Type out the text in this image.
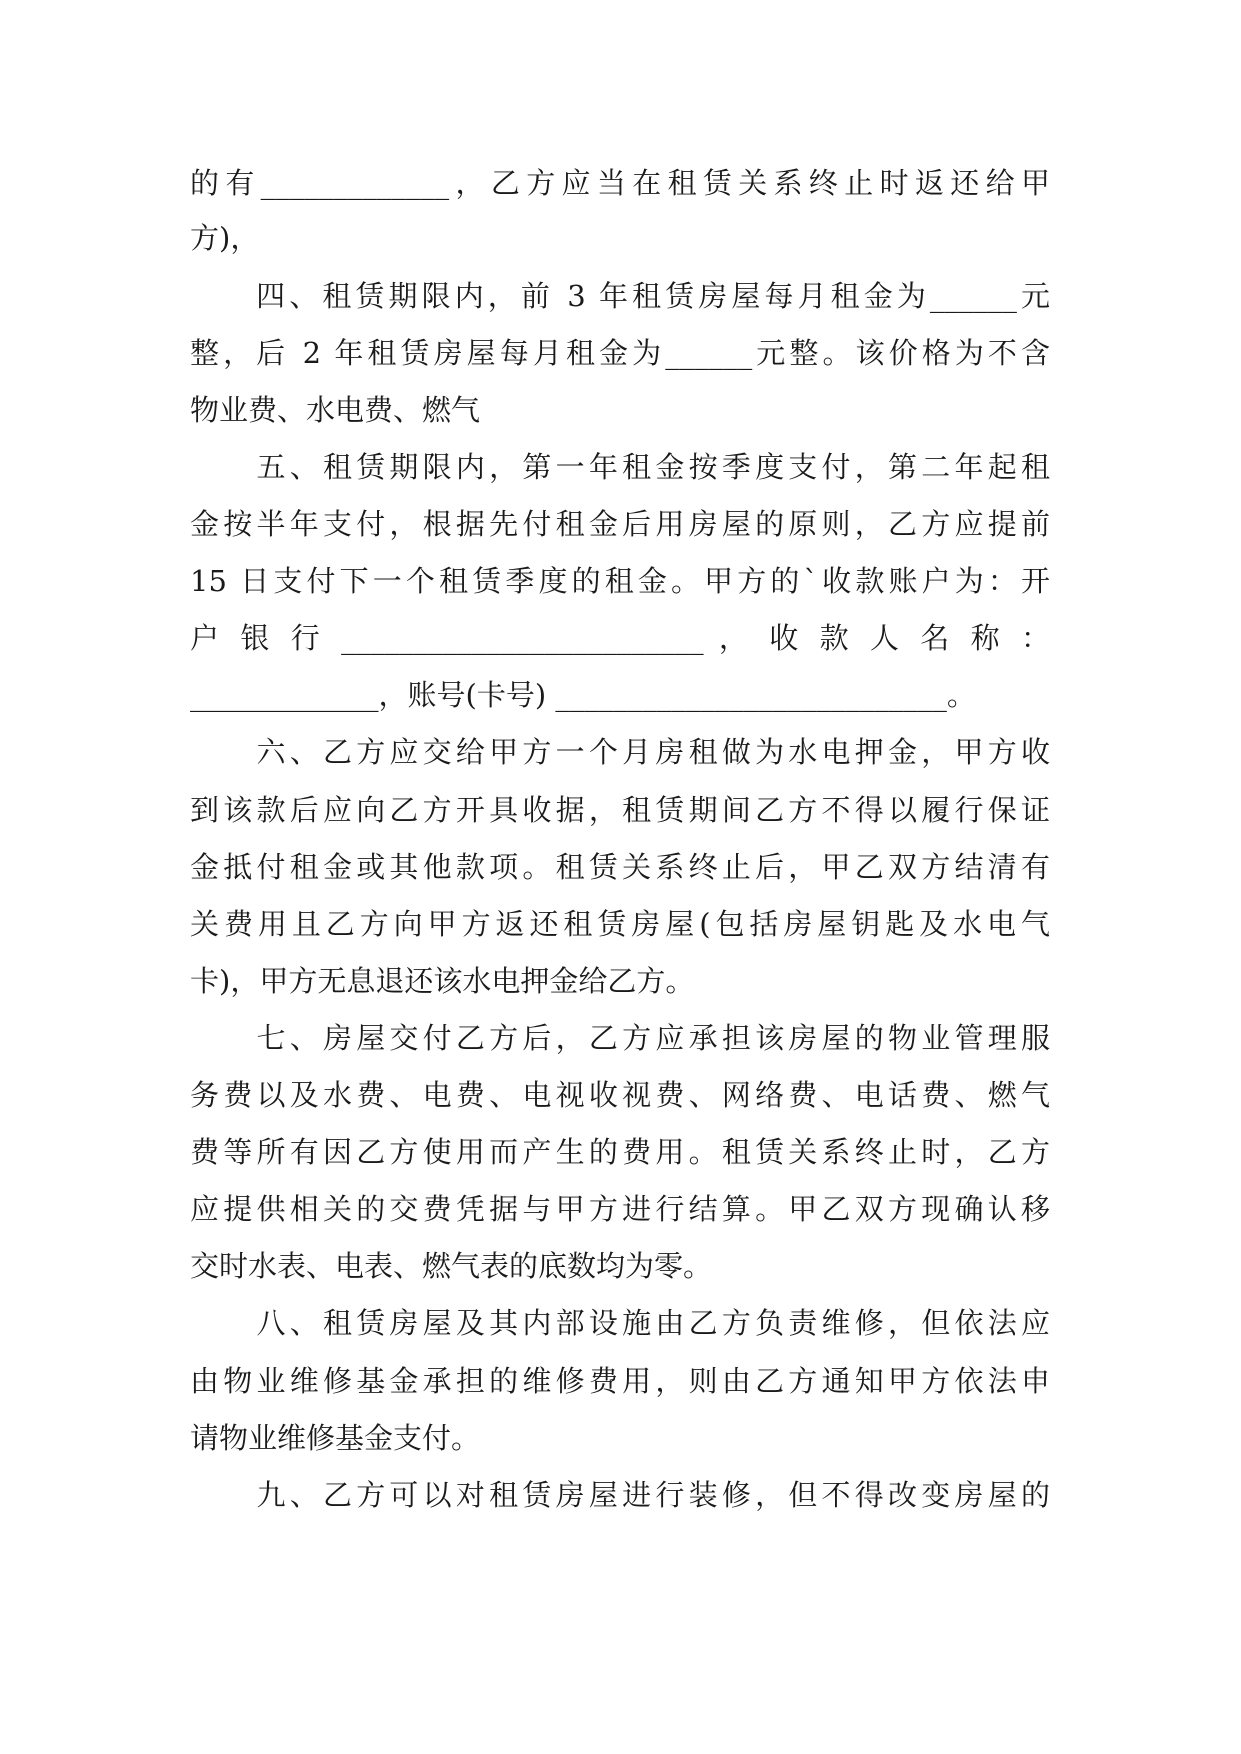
的有_____________，乙方应当在租赁关系终止时返还给甲
方)，
　　四、租赁期限内，前 3 年租赁房屋每月租金为______元
整，后 2 年租赁房屋每月租金为______元整。该价格为不含
物业费、水电费、燃气
　　五、租赁期限内，第一年租金按季度支付，第二年起租
金按半年支付，根据先付租金后用房屋的原则，乙方应提前
15 日支付下一个租赁季度的租金。甲方的`收款账户为：开
户 银 行 _________________________ ， 收 款 人 名 称 ：
_____________，账号(卡号) ___________________________。
　　六、乙方应交给甲方一个月房租做为水电押金，甲方收
到该款后应向乙方开具收据，租赁期间乙方不得以履行保证
金抵付租金或其他款项。租赁关系终止后，甲乙双方结清有
关费用且乙方向甲方返还租赁房屋(包括房屋钥匙及水电气
卡)，甲方无息退还该水电押金给乙方。
　　七、房屋交付乙方后，乙方应承担该房屋的物业管理服
务费以及水费、电费、电视收视费、网络费、电话费、燃气
费等所有因乙方使用而产生的费用。租赁关系终止时，乙方
应提供相关的交费凭据与甲方进行结算。甲乙双方现确认移
交时水表、电表、燃气表的底数均为零。
　　八、租赁房屋及其内部设施由乙方负责维修，但依法应
由物业维修基金承担的维修费用，则由乙方通知甲方依法申
请物业维修基金支付。
　　九、乙方可以对租赁房屋进行装修，但不得改变房屋的
